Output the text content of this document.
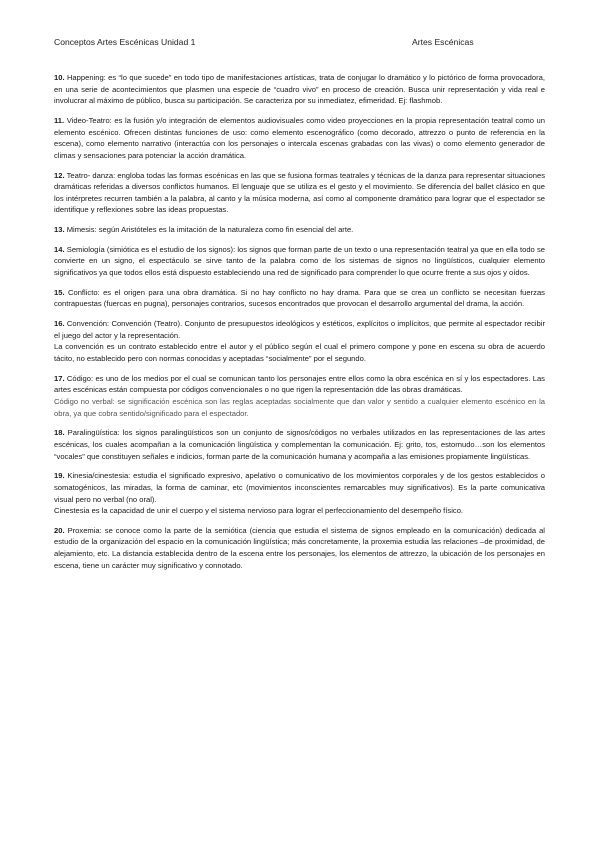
Conceptos Artes Escénicas Unidad 1	Artes Escénicas

10. Happening: es “lo que sucede” en todo tipo de manifestaciones artísticas, trata de conjugar lo dramático y lo pictórico de forma provocadora, en una serie de acontecimientos que plasmen una especie de “cuadro vivo” en proceso de creación. Busca unir representación y vida real e involucrar al máximo de público, busca su participación. Se caracteriza por su inmediatez, efimeridad. Ej: flashmob.

11. Video-Teatro: es la fusión y/o integración de elementos audiovisuales como video proyecciones en la propia representación teatral como un elemento escénico. Ofrecen distintas funciones de uso: como elemento escenográfico (como decorado, attrezzo o punto de referencia en la escena), como elemento narrativo (interactúa con los personajes o intercala escenas grabadas con las vivas) o como elemento generador de climas y sensaciones para potenciar la acción dramática.

12. Teatro- danza: engloba todas las formas escénicas en las que se fusiona formas teatrales y técnicas de la danza para representar situaciones dramáticas referidas a diversos conflictos humanos. El lenguaje que se utiliza es el gesto y el movimiento. Se diferencia del ballet clásico en que los intérpretes recurren también a la palabra, al canto y la música moderna, así como al componente dramático para lograr que el espectador se identifique y reflexiones sobre las ideas propuestas.

13. Mimesis: según Aristóteles es la imitación de la naturaleza como fin esencial del arte.

14. Semiología (simiótica es el estudio de los signos): los signos que forman parte de un texto o una representación teatral ya que en ella todo se convierte en un signo, el espectáculo se sirve tanto de la palabra como de los sistemas de signos no lingüísticos, cualquier elemento significativos ya que todos ellos está dispuesto estableciendo una red de significado para comprender lo que ocurre frente a sus ojos y oídos.

15. Conflicto: es el origen para una obra dramática. Si no hay conflicto no hay drama. Para que se crea un conflicto se necesitan fuerzas contrapuestas (fuercas en pugna), personajes contrarios, sucesos encontrados que provocan el desarrollo argumental del drama, la acción.

16. Convención: Convención (Teatro). Conjunto de presupuestos ideológicos y estéticos, explícitos o implícitos, que permite al espectador recibir el juego del actor y la representación.

La convención es un contrato establecido entre el autor y el público según el cual el primero compone y pone en escena su obra de acuerdo tácito, no establecido pero con normas conocidas y aceptadas “socialmente” por el segundo.

17. Código: es uno de los medios por el cual se comunican tanto los personajes entre ellos como la obra escénica en sí y los espectadores. Las artes escénicas están compuesta por códigos convencionales o no que rigen la representación dde las obras dramáticas.

Código no verbal: se significación escénica son las reglas aceptadas socialmente que dan valor y sentido a cualquier elemento escénico en la obra, ya que cobra sentido/significado para el espectador.

18. Paralingüística: los signos paralingüísticos son un conjunto de signos/códigos no verbales utilizados en las representaciones de las artes escénicas, los cuales acompañan a la comunicación lingüística y complementan la comunicación. Ej: grito, tos, estornudo…son los elementos “vocales” que constituyen señales e indicios, forman parte de la comunicación humana y acompaña a las emisiones propiamente lingüísticas.

19. Kinesia/cinestesia: estudia el significado expresivo, apelativo o comunicativo de los movimientos corporales y de los gestos establecidos o somatogénicos, las miradas, la forma de caminar, etc (movimientos inconscientes remarcables muy significativos). Es la parte comunicativa visual pero no verbal (no oral).

Cinestesia es la capacidad de unir el cuerpo y el sistema nervioso para lograr el perfeccionamiento del desempeño físico.

20. Proxemia: se conoce como la parte de la semiótica (ciencia que estudia el sistema de signos empleado en la comunicación) dedicada al estudio de la organización del espacio en la comunicación lingüística; más concretamente, la proxemia estudia las relaciones –de proximidad, de alejamiento, etc. La distancia establecida dentro de la escena entre los personajes, los elementos de attrezzo, la ubicación de los personajes en escena, tiene un carácter muy significativo y connotado.
